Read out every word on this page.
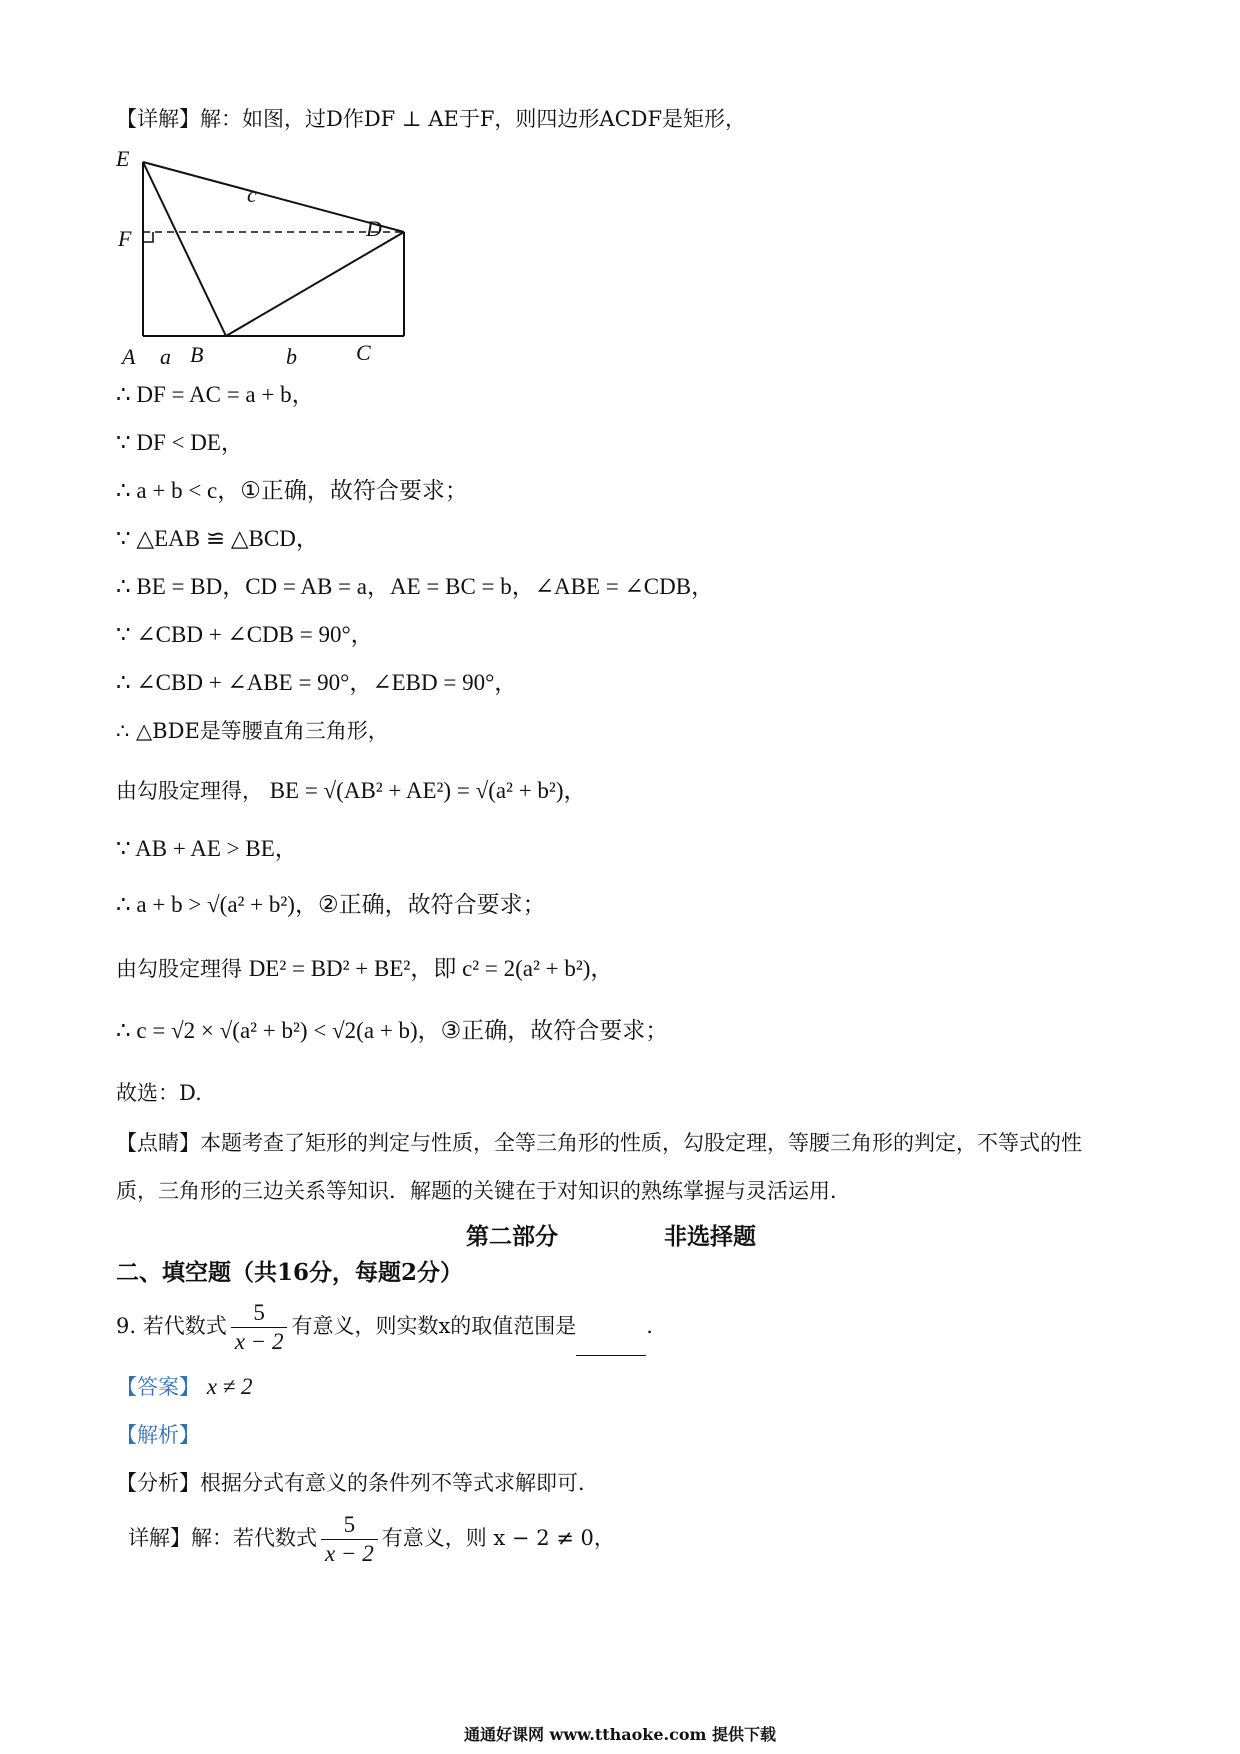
【详解】解：如图，过D作DF ⊥ AE于F，则四边形ACDF是矩形，
E
F
A a B	b	C
D
c
∴ DF = AC = a + b，
∵ DF < DE，
∴ a + b < c，①正确，故符合要求；
∵ △EAB ≌ △BCD，
∴ BE = BD，CD = AB = a，AE = BC = b，∠ABE = ∠CDB，
∵ ∠CBD + ∠CDB = 90°，
∴ ∠CBD + ∠ABE = 90°，∠EBD = 90°，
∴ △BDE是等腰直角三角形，
由勾股定理得， BE = √(AB² + AE²) = √(a² + b²)，
∵ AB + AE > BE，
∴ a + b > √(a² + b²)，②正确，故符合要求；
由勾股定理得 DE² = BD² + BE²，即 c² = 2(a² + b²)，
∴ c = √2 × √(a² + b²) < √2(a + b)，③正确，故符合要求；
故选：D.
【点睛】本题考查了矩形的判定与性质，全等三角形的性质，勾股定理，等腰三角形的判定，不等式的性
质，三角形的三边关系等知识．解题的关键在于对知识的熟练掌握与灵活运用．
第二部分	非选择题
二、填空题（共16分，每题2分）
9. 若代数式 $\frac{5}{x - 2}$ 有意义，则实数x的取值范围是	.
【答案】 x ≠ 2
【解析】
【分析】根据分式有意义的条件列不等式求解即可．
详解】解：若代数式 $\frac{5}{x - 2}$ 有意义，则 x − 2 ≠ 0，
通通好课网 www.tthaoke.com 提供下载
